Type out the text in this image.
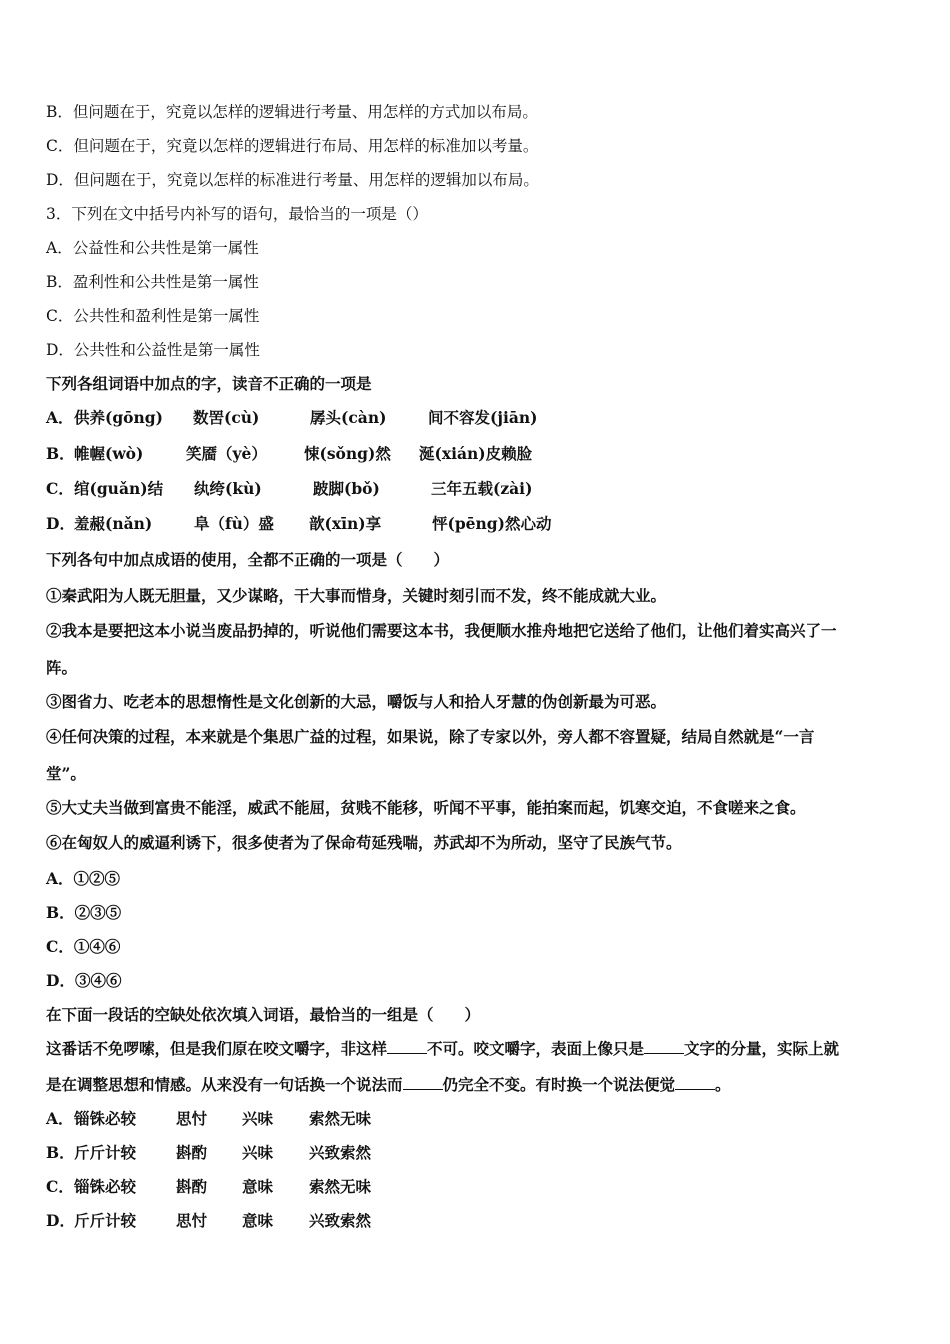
B．但问题在于，究竟以怎样的逻辑进行考量、用怎样的方式加以布局。
C．但问题在于，究竟以怎样的逻辑进行布局、用怎样的标准加以考量。
D．但问题在于，究竟以怎样的标准进行考量、用怎样的逻辑加以布局。
3．下列在文中括号内补写的语句，最恰当的一项是（）
A．公益性和公共性是第一属性
B．盈利性和公共性是第一属性
C．公共性和盈利性是第一属性
D．公共性和公益性是第一属性
下列各组词语中加点的字，读音不正确的一项是
A．供养(gōng) 数罟(cù)	孱头(càn)	间不容发(jiān)
B．帷幄(wò)	笑靥（yè） 悚(sǒng)然 涎(xián)皮赖脸
C．绾(guǎn)结 纨绔(kù)	跛脚(bǒ)	三年五载(zài)
D．羞赧(nǎn)	阜（fù）盛 歆(xīn)享	怦(pēng)然心动
下列各句中加点成语的使用，全都不正确的一项是（　　）
①秦武阳为人既无胆量，又少谋略，干大事而惜身，关键时刻引而不发，终不能成就大业。
②我本是要把这本小说当废品扔掉的，听说他们需要这本书，我便顺水推舟地把它送给了他们，让他们着实高兴了一
阵。
③图省力、吃老本的思想惰性是文化创新的大忌，嚼饭与人和拾人牙慧的伪创新最为可恶。
④任何决策的过程，本来就是个集思广益的过程，如果说，除了专家以外，旁人都不容置疑，结局自然就是“一言
堂”。
⑤大丈夫当做到富贵不能淫，威武不能屈，贫贱不能移，听闻不平事，能拍案而起，饥寒交迫，不食嗟来之食。
⑥在匈奴人的威逼利诱下，很多使者为了保命苟延残喘，苏武却不为所动，坚守了民族气节。
A．①②⑤
B．②③⑤
C．①④⑥
D．③④⑥
在下面一段话的空缺处依次填入词语，最恰当的一组是（　　）
这番话不免啰嗦，但是我们原在咬文嚼字，非这样	不可。咬文嚼字，表面上像只是	文字的分量，实际上就
是在调整思想和情感。从来没有一句话换一个说法而	仍完全不变。有时换一个说法便觉	。
A．锱铢必较	思忖 兴味 索然无味
B．斤斤计较	斟酌 兴味 兴致索然
C．锱铢必较	斟酌 意味 索然无味
D．斤斤计较	思忖 意味 兴致索然
